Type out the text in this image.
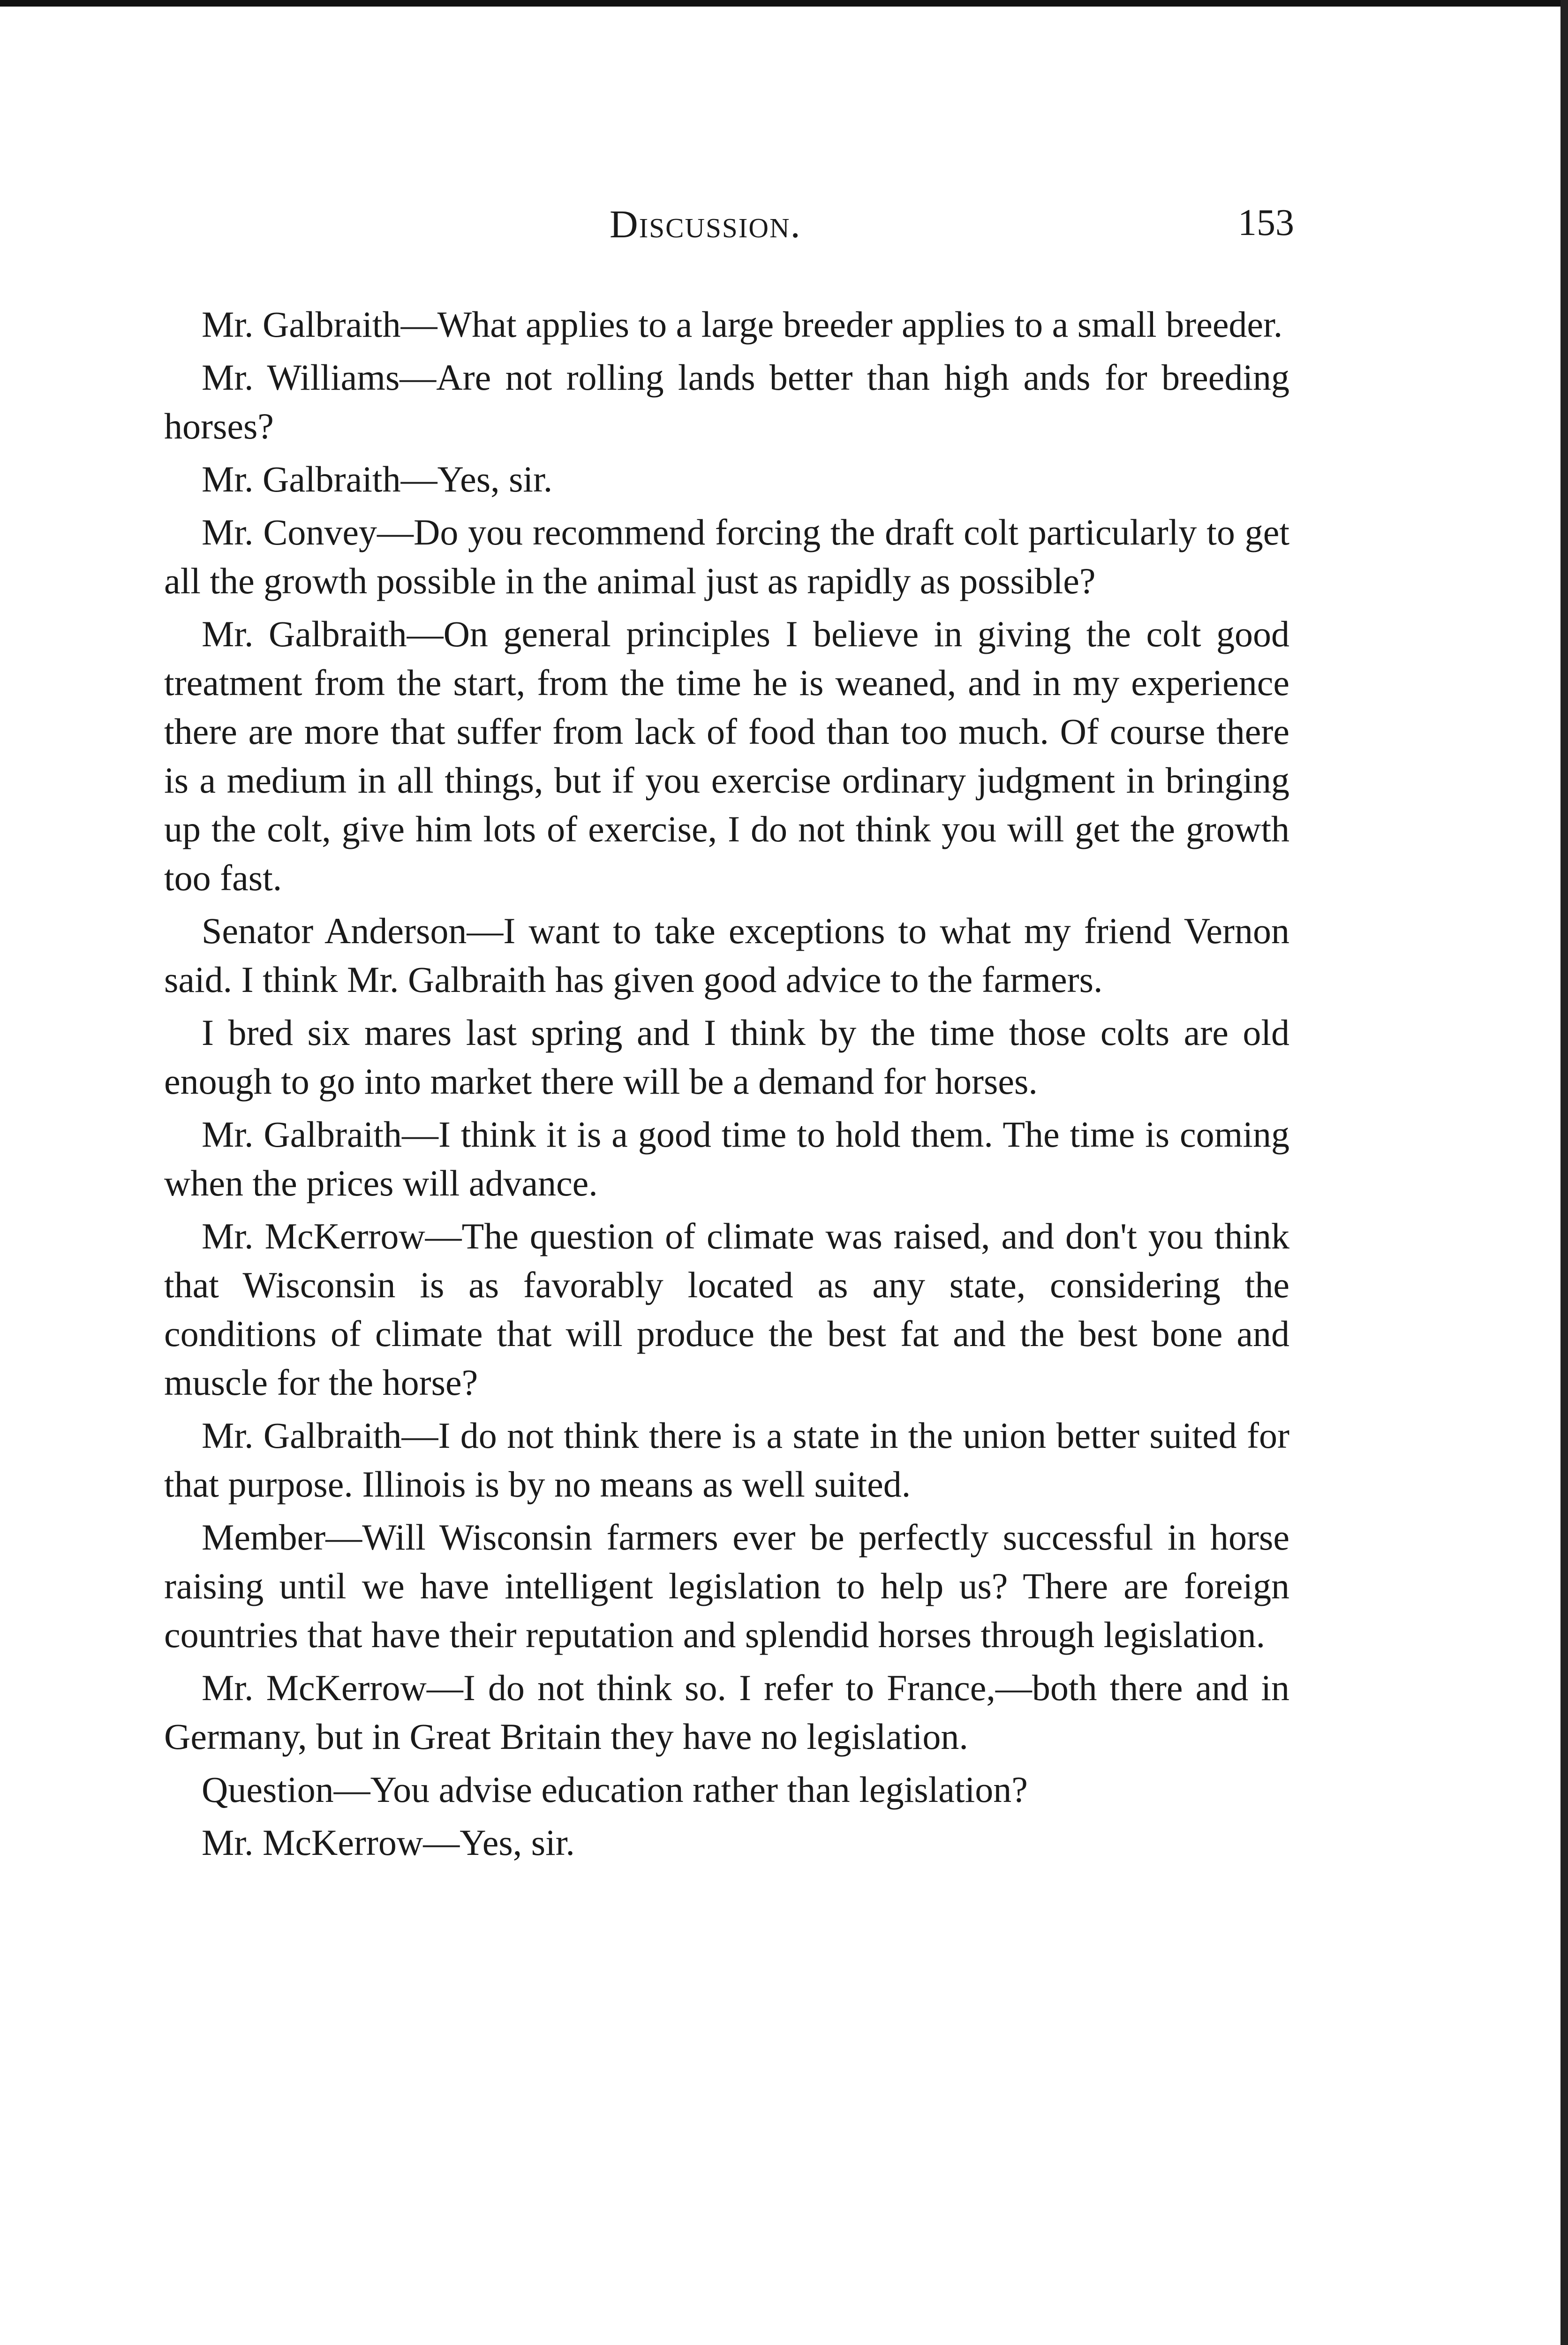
Discussion.	153

Mr. Galbraith—What applies to a large breeder applies to a small breeder.

Mr. Williams—Are not rolling lands better than high ands for breeding horses?

Mr. Galbraith—Yes, sir.

Mr. Convey—Do you recommend forcing the draft colt particularly to get all the growth possible in the animal just as rapidly as possible?

Mr. Galbraith—On general principles I believe in giving the colt good treatment from the start, from the time he is weaned, and in my experience there are more that suffer from lack of food than too much. Of course there is a medium in all things, but if you exercise ordinary judgment in bringing up the colt, give him lots of exercise, I do not think you will get the growth too fast.

Senator Anderson—I want to take exceptions to what my friend Vernon said. I think Mr. Galbraith has given good advice to the farmers.

I bred six mares last spring and I think by the time those colts are old enough to go into market there will be a demand for horses.

Mr. Galbraith—I think it is a good time to hold them. The time is coming when the prices will advance.

Mr. McKerrow—The question of climate was raised, and don't you think that Wisconsin is as favorably located as any state, considering the conditions of climate that will produce the best fat and the best bone and muscle for the horse?

Mr. Galbraith—I do not think there is a state in the union better suited for that purpose. Illinois is by no means as well suited.

Member—Will Wisconsin farmers ever be perfectly successful in horse raising until we have intelligent legislation to help us? There are foreign countries that have their reputation and splendid horses through legislation.

Mr. McKerrow—I do not think so. I refer to France,—both there and in Germany, but in Great Britain they have no legislation.

Question—You advise education rather than legislation?

Mr. McKerrow—Yes, sir.
